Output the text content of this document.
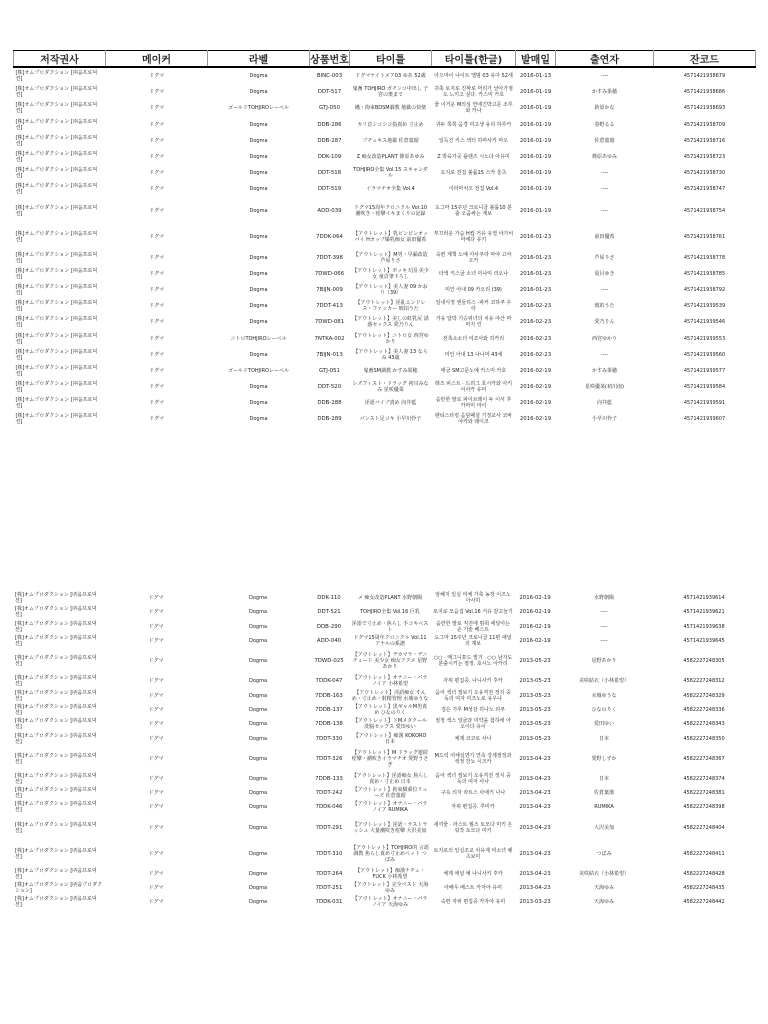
저작권사	메이커	라벨	상품번호	타이틀	타이틀(한글)	발매일	출연자	잔코드
[株]オムプロダクション [㈜옴프로덕션]	ドグマ	Dogma	BINC-003	ドグマナイトメア03 ゆあ 52歳	아으마이 나이트 앨범 03 유아 52세	2016-01-13	----	4571421938679
[株]オムプロダクション [㈜옴프로덕션]	ドグマ	Dogma	DDT-517	鬼畜 TOHJIRO ガチンコ中出し 子宮の奥まで	귀축 토지로 진짜로 머리가 날아가점도 느끼고 싶다. 카스미 카호	2016-01-19	かすみ果穂	4571421938686
[株]オムプロダクション [㈜옴프로덕션]	ドグマ	ゴールドTOHJIROレーベル	GTJ-050	縄・拘束BDSM調教 地獄の快楽	줄 이거운 M의심 연애긴박고문 조루와 카나	2016-01-19	鈴原かな	4571421938693
[株]オムプロダクション [㈜옴프로덕션]	ドグマ	Dogma	DDB-286	カリ首シコシコ指責め 寸止め	귀두 쪽쪽 음경 미고생 유리 하루카	2016-01-19	春野るる	4571421938709
[株]オムプロダクション [㈜옴프로덕션]	ドグマ	Dogma	DDB-287	ブチュキス地獄 佐倉葉瑠	일득진 키스 섹터 하마사키 마오	2016-01-19	佐倉葉瑠	4571421938716
[株]オムプロダクション [㈜옴프로덕션]	ドグマ	Dogma	DDK-109	Z 痴女改造PLANT 篠原あゆみ	Z 박육가공 플랜즈 시노다 아유미	2016-01-19	篠原あゆみ	4571421938723
[株]オムプロダクション [㈜옴프로덕션]	ドグマ	Dogma	DDT-518	TOHJIRO全集 Vol.15 スキャンダル	토지로 전집 볼륨15 스카 울츠	2016-01-19	----	4571421938730
[株]オムプロダクション [㈜옴프로덕션]	ドグマ	Dogma	DDT-519	イラマチオ全集 Vol.4	이라마치오 전집 Vol.4	2016-01-19	----	4571421938747
[株]オムプロダクション [㈜옴프로덕션]	ドグマ	Dogma	ADD-039	ドグマ15周年クロニクル Vol.10 潮吹き・痙攣イキまくりの記録	도그마 15주년 크로니클 볼륨10 분출 오줌싸는 계보	2016-01-19	----	4571421938754
[株]オムプロダクション [㈜옴프로덕션]	ドグマ	Dogma	7DDK-064	【アウトレット】乳ビンビンオッパイ Hカップ爆乳痴女 前田優希	부끄러운 가슴 H컵 거유 유열 야가씨 마에다 유키	2016-01-23	前田優希	4571421938761
[株]オムプロダクション [㈜옴프로덕션]	ドグマ	Dogma	7DDT-398	【アウトレット】M男・早漏改造 芦屋りさ	숙련 계책 노예 아사쿠라 마야 고야 오카	2016-01-23	芦屋りさ	4571421938778
[株]オムプロダクション [㈜옴프로덕션]	ドグマ	Dogma	7DWD-066	【アウトレット】ボッキ天国 美少女 童貞筆下ろし	타액 키스굴 소녀 미나미 리오나	2016-01-23	夏目ゆき	4571421938785
[株]オムプロダクション [㈜옴프로덕션]	ドグマ	Dogma	7BIJN-009	【アウトレット】美人妻 09 かおり（39）	미인 아내 09 카오리 (39)	2016-01-23	----	4571421938792
[株]オムプロダクション [㈜옴프로덕션]	ドグマ	Dogma	7DDT-413	【アウトレット】淫乱エンドレス・ファッカー 琥珀うた	일내식정 엔들리스 -파커 코하쿠 우타	2016-02-23	琥珀うた	4571421939539
[株]オムプロダクション [㈜옴프로덕션]	ドグマ	Dogma	7DWD-081	【アウトレット】美しの虹乳尻 誘惑セックス 愛乃りん	거유 압박 기승위녀의 치유 야산 마마지 린	2016-02-23	愛乃りん	4571421939546
[株]オムプロダクション [㈜옴프로덕션]	ドグマ	ニトロTOHJIROレーベル	7NTKA-002	【アウトレット】ニトロ女 西宮ゆかり	전촉소소녀 여조사와 히카리	2016-02-23	西宮ゆかり	4571421939553
[株]オムプロダクション [㈜옴프로덕션]	ドグマ	Dogma	7BIJN-013	【アウトレット】美人妻 13 ならみ 43歳	미인 아내 13 나나미 43세	2016-02-23	----	4571421939560
[株]オムプロダクション [㈜옴프로덕션]	ドグマ	ゴールドTOHJIROレーベル	GTJ-051	鬼畜SM調教 かすみ果穂	태금 SM고문노예 카스미 카호	2016-02-19	かすみ果穂	4571421939577
[株]オムプロダクション [㈜옴프로덕션]	ドグマ	Dogma	DDT-520	レズフィスト・ドラッグ 初川みなみ 星咲優菜	레즈 피스트 · 드러그 호시카와 아키 이사카 유미	2016-02-19	星咲優菜(初川南)	4571421939584
[株]オムプロダクション [㈜옴프로덕션]	ドグマ	Dogma	DDB-288	淫語バイブ責め 向井藍	음란한 말로 파이브레이 두 이서 후카마미 마이	2016-02-19	向井藍	4571421939591
[株]オムプロダクション [㈜옴프로덕션]	ドグマ	Dogma	DDB-289	パンスト足コキ 小早川怜子	팬티스타킹 음담패설 기정교사 코바야카와 레이코	2016-02-19	小早川怜子	4571421939607
[株]オムプロダクション [㈜옴프로덕션]	ドグマ	Dogma	DDK-110	メ 痴女改造PLANT 水野朝陽	암혜지 일실 여체 가축 농장 이즈노 아사히	2016-02-19	水野朝陽	4571421939614
[株]オムプロダクション [㈜옴프로덕션]	ドグマ	Dogma	DDT-521	TOHJIRO全集 Vol.16 巨乳	토지로 모음집 Vol.16 거유 갈고늘기	2016-02-19	----	4571421939621
[株]オムプロダクション [㈜옴프로덕션]	ドグマ	Dogma	DDB-290	淫語で寸止め・焦らし 手コキベスト	음란한 말로 직전에 멈춰 애달아는 손 기술 베스트	2016-02-19	----	4571421939638
[株]オムプロダクション [㈜옴프로덕션]	ドグマ	Dogma	ADD-040	ドグマ15周年クロニクル Vol.11 アナルの系譜	도그마 15주년 크로니클 11편 애널의 계보	2016-02-19	----	4571421939645
[株]オムプロダクション [㈜옴프로덕션]	ドグマ	Dogma	7DWD-025	【アウトレット】デカマラ・デニチュード 美少女 痴女アクメ 星野あかり	○○ · 매그니튜드 빌기 · ○○ 남자도 분출시키는 절정. 호시노 아카리	2013-05-23	星野あかり	4582227248305
[株]オムプロダクション [㈜옴프로덕션]	ドグマ	Dogma	7DDK-047	【アウトレット】オナニー・パラノイア 小林希望	자위 편집증. 나니사키 후카	2013-05-23	美咲結衣（小林希望）	4582227248312
[株]オムプロダクション [㈜옴프로덕션]	ドグマ	Dogma	7DDB-163	【アウトレット】淫語痴女 すんめ・寸止め・射精管理 水城ゆうな	음어 섹녀 절보기 오유직전 정지 중독의 여자 미즈노로 유우나	2013-05-23	水城ゆうな	4582227248329
[株]オムプロダクション [㈜옴프로덕션]	ドグマ	Dogma	7DDB-137	【アウトレット】黒ギャルM男責め ひなのりく	검은 가루 M성감 히나노 리쿠	2013-05-23	ひなのりく	4582227248336
[株]オムプロダクション [㈜옴프로덕션]	ドグマ	Dogma	7DDB-138	【アウトレット】ドMメタクール 洗脳セックス 愛田ゆい	절정 섹스 얼굴과 미약을 첨하에 아오이다 유이	2013-05-23	愛田ゆい	4582227248343
[株]オムプロダクション [㈜옴프로덕션]	ドグマ	Dogma	7DDT-330	【アウトレット】痴漢 KOKORO 日本	체제 코코로 사나	2013-05-23	日本	4582227248350
[株]オムプロダクション [㈜옴프로덕션]	ドグマ	Dogma	7DDT-326	【アウトレット】M ドラッグ連続痙攣・潮吹きイラマチオ 愛野うさぎ	M드럭 여체실연기 연속 강제절정과 섹정 잔뇨 시즈카	2013-04-23	愛野しずか	4582227248367
[株]オムプロダクション [㈜옴프로덕션]	ドグマ	Dogma	7DDB-133	【アウトレット】淫語痴女 焦らし責め・寸止め 日本	음어 섹녀 절보기 오유직전 정지 중독의 여자 사나	2013-04-23	日本	4582227248374
[株]オムプロダクション [㈜옴프로덕션]	ドグマ	Dogma	7DDT-242	【アウトレット】拘束騎乗位リューズ 佐倉葉瑠	구속 의자 라트스 사에키 나나	2013-04-23	佐倉葉瑠	4582227248381
[株]オムプロダクション [㈜옴프로덕션]	ドグマ	Dogma	7DDK-046	【アウトレット】オナニー・パラノイア RUMIKA	자위 편집증. 루미카	2013-04-23	RUMIKA	4582227248398
[株]オムプロダクション [㈜옴프로덕션]	ドグマ	Dogma	7DDT-291	【アウトレット】淫語・ラストラッシュ 大量潮吹き痙攣 大沢美加	새끼줄 · 라스트 월즈 토모다 미키 은워작 토모다 미키	2013-04-23	大沢美加	4582227248404
[株]オムプロダクション [㈜옴프로덕션]	ドグマ	Dogma	7DDT-310	【アウトレット】TOHJIRO的 言語調教 焦らし責め寸止めペット つぼみ	토지로의 일실조교 치유계 미소녀 펫 츠보미	2013-04-23	つぼみ	4582227248411
[株]オムプロダクション [㈜옴프로덕션]	ドグマ	Dogma	7DDT-264	【アウトレット】痴漢ナチュ・FUCK 小林希望	체제 애널 예 나니사키 후카	2013-04-23	美咲結衣（小林希望）	4582227248428
[株]オムプロダクション [㈜옴プロダクション]	ドグマ	Dogma	7DDT-251	【アウトレット】完全ベスト 天海ゆみ	아배우 베스트 카자야 유미	2013-04-23	天海ゆみ	4582227248435
[株]オムプロダクション [㈜옴프로덕션]	ドグマ	Dogma	7DDK-031	【アウトレット】オナニー・パラノイア 天海ゆみ	숙련 자위 편집증 카자야 유미	2013-03-23	天海ゆみ	4582227248442
